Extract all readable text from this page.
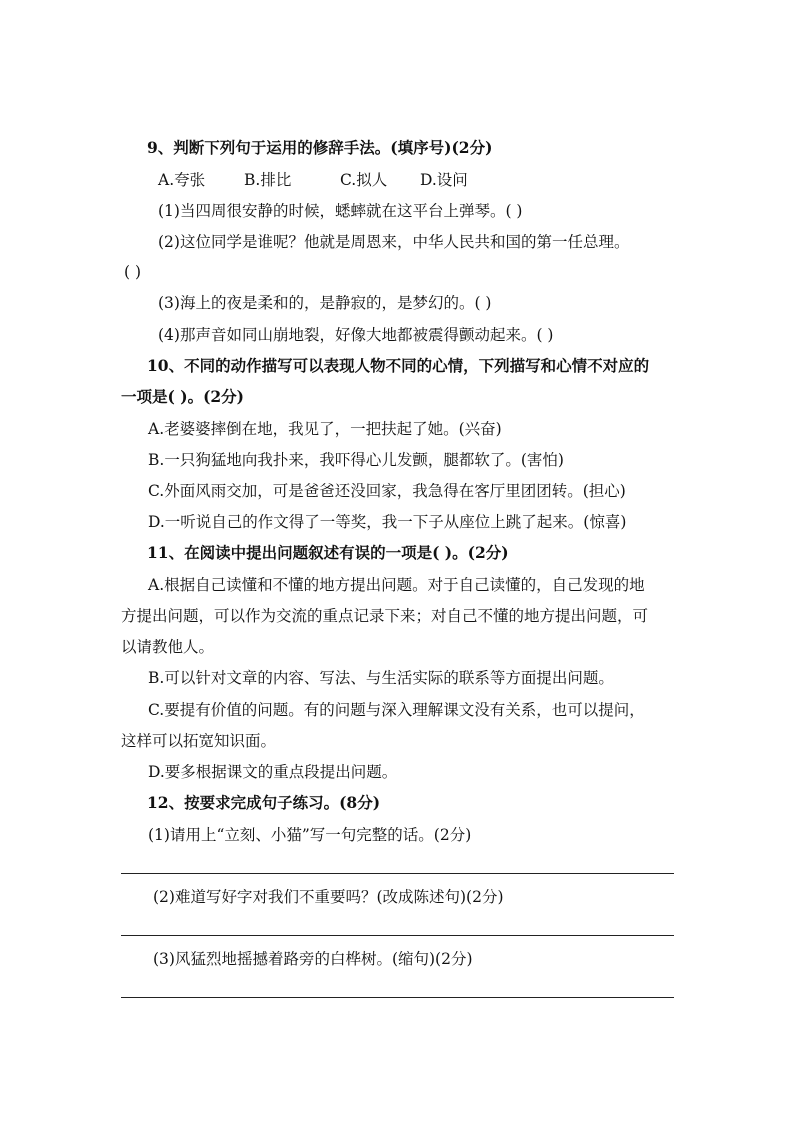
9、判断下列句于运用的修辞手法。(填序号)(2分)
A.夸张	B.排比	C.拟人 D.设问
(1)当四周很安静的时候，蟋蟀就在这平台上弹琴。( )
(2)这位同学是谁呢？他就是周恩来，中华人民共和国的第一任总理。
( )
(3)海上的夜是柔和的，是静寂的，是梦幻的。( )
(4)那声音如同山崩地裂，好像大地都被震得颤动起来。( )
10、不同的动作描写可以表现人物不同的心情，下列描写和心情不对应的
一项是( )。(2分)
A.老婆婆摔倒在地，我见了，一把扶起了她。(兴奋)
B.一只狗猛地向我扑来，我吓得心儿发颤，腿都软了。(害怕)
C.外面风雨交加，可是爸爸还没回家，我急得在客厅里团团转。(担心)
D.一听说自己的作文得了一等奖，我一下子从座位上跳了起来。(惊喜)
11、在阅读中提出问题叙述有误的一项是( )。(2分)
A.根据自己读懂和不懂的地方提出问题。对于自己读懂的，自己发现的地
方提出问题，可以作为交流的重点记录下来；对自己不懂的地方提出问题，可
以请教他人。
B.可以针对文章的内容、写法、与生活实际的联系等方面提出问题。
C.要提有价值的问题。有的问题与深入理解课文没有关系，也可以提问，
这样可以拓宽知识面。
D.要多根据课文的重点段提出问题。
12、按要求完成句子练习。(8分)
(1)请用上“立刻、小猫”写一句完整的话。(2分)
(2)难道写好字对我们不重要吗？(改成陈述句)(2分)
(3)风猛烈地摇撼着路旁的白桦树。(缩句)(2分)
